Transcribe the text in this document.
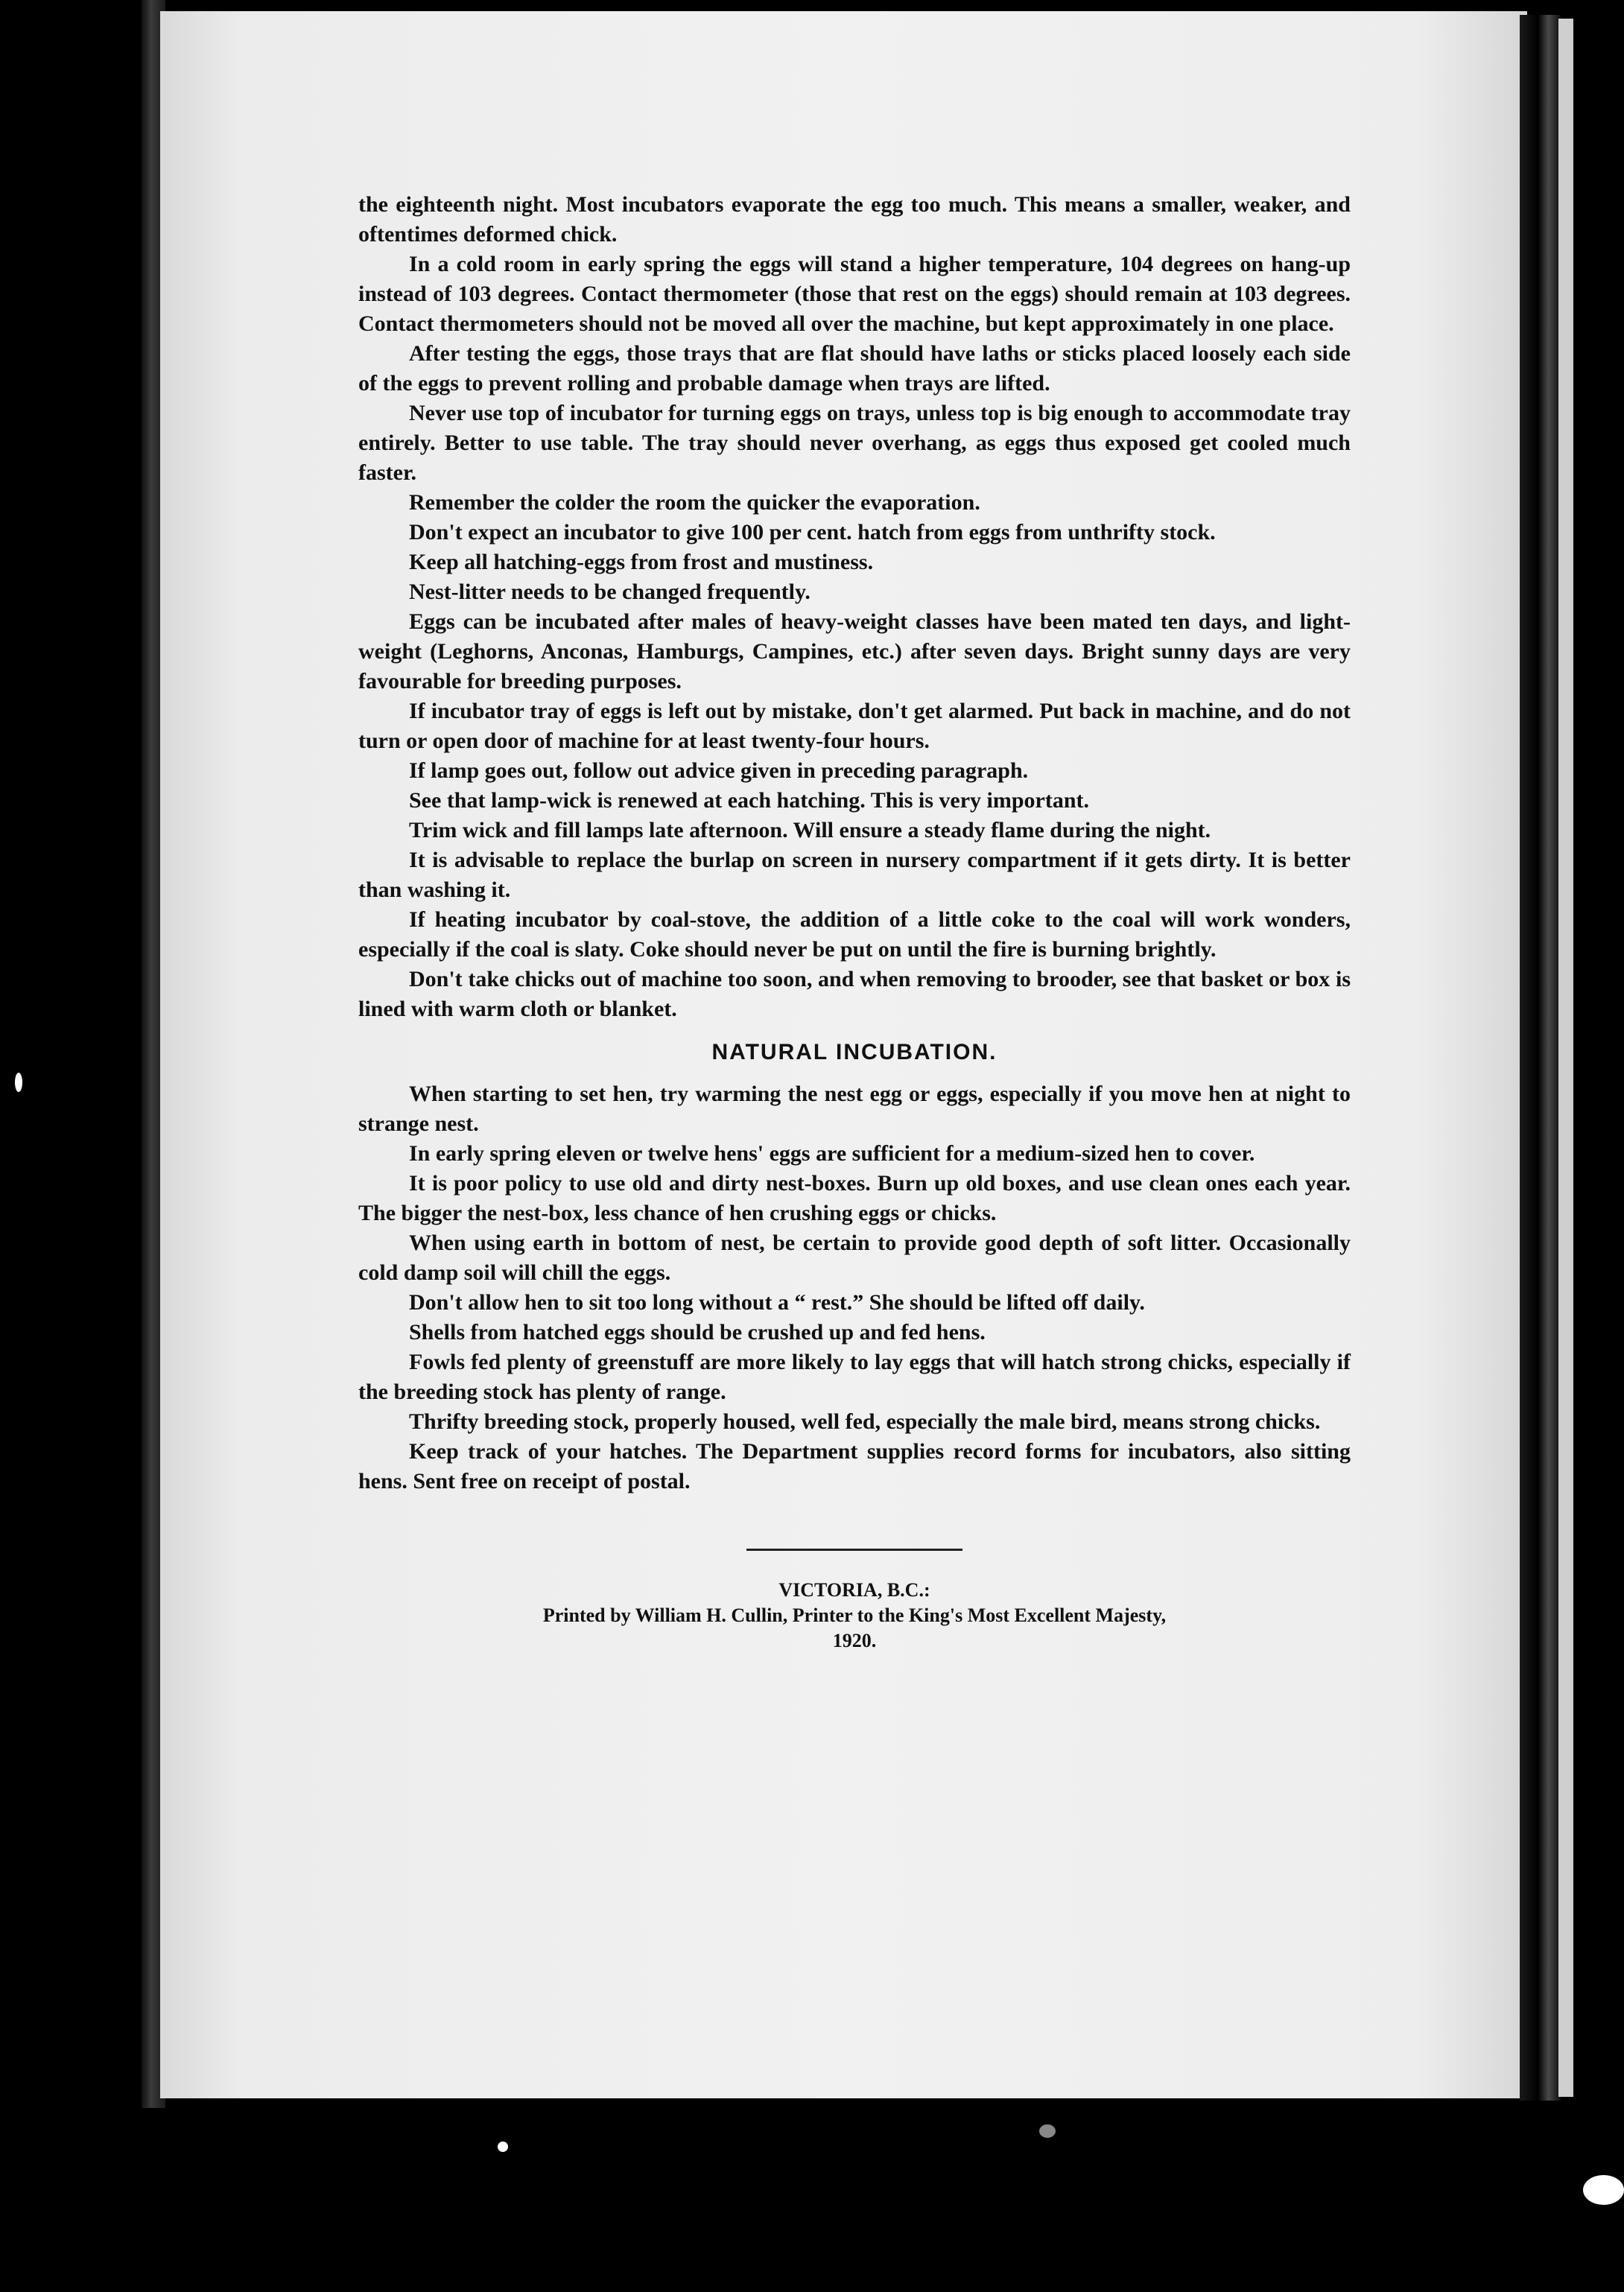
the eighteenth night. Most incubators evaporate the egg too much. This means a smaller, weaker, and oftentimes deformed chick.

In a cold room in early spring the eggs will stand a higher temperature, 104 degrees on hang-up instead of 103 degrees. Contact thermometer (those that rest on the eggs) should remain at 103 degrees. Contact thermometers should not be moved all over the machine, but kept approximately in one place.

After testing the eggs, those trays that are flat should have laths or sticks placed loosely each side of the eggs to prevent rolling and probable damage when trays are lifted.

Never use top of incubator for turning eggs on trays, unless top is big enough to accommodate tray entirely. Better to use table. The tray should never overhang, as eggs thus exposed get cooled much faster.

Remember the colder the room the quicker the evaporation.

Don't expect an incubator to give 100 per cent. hatch from eggs from unthrifty stock.

Keep all hatching-eggs from frost and mustiness.

Nest-litter needs to be changed frequently.

Eggs can be incubated after males of heavy-weight classes have been mated ten days, and light-weight (Leghorns, Anconas, Hamburgs, Campines, etc.) after seven days. Bright sunny days are very favourable for breeding purposes.

If incubator tray of eggs is left out by mistake, don't get alarmed. Put back in machine, and do not turn or open door of machine for at least twenty-four hours.

If lamp goes out, follow out advice given in preceding paragraph.

See that lamp-wick is renewed at each hatching. This is very important.

Trim wick and fill lamps late afternoon. Will ensure a steady flame during the night.

It is advisable to replace the burlap on screen in nursery compartment if it gets dirty. It is better than washing it.

If heating incubator by coal-stove, the addition of a little coke to the coal will work wonders, especially if the coal is slaty. Coke should never be put on until the fire is burning brightly.

Don't take chicks out of machine too soon, and when removing to brooder, see that basket or box is lined with warm cloth or blanket.

NATURAL INCUBATION.

When starting to set hen, try warming the nest egg or eggs, especially if you move hen at night to strange nest.

In early spring eleven or twelve hens' eggs are sufficient for a medium-sized hen to cover.

It is poor policy to use old and dirty nest-boxes. Burn up old boxes, and use clean ones each year. The bigger the nest-box, less chance of hen crushing eggs or chicks.

When using earth in bottom of nest, be certain to provide good depth of soft litter. Occasionally cold damp soil will chill the eggs.

Don't allow hen to sit too long without a “ rest.” She should be lifted off daily.

Shells from hatched eggs should be crushed up and fed hens.

Fowls fed plenty of greenstuff are more likely to lay eggs that will hatch strong chicks, especially if the breeding stock has plenty of range.

Thrifty breeding stock, properly housed, well fed, especially the male bird, means strong chicks.

Keep track of your hatches. The Department supplies record forms for incubators, also sitting hens. Sent free on receipt of postal.

VICTORIA, B.C.:
Printed by William H. Cullin, Printer to the King's Most Excellent Majesty,
1920.
